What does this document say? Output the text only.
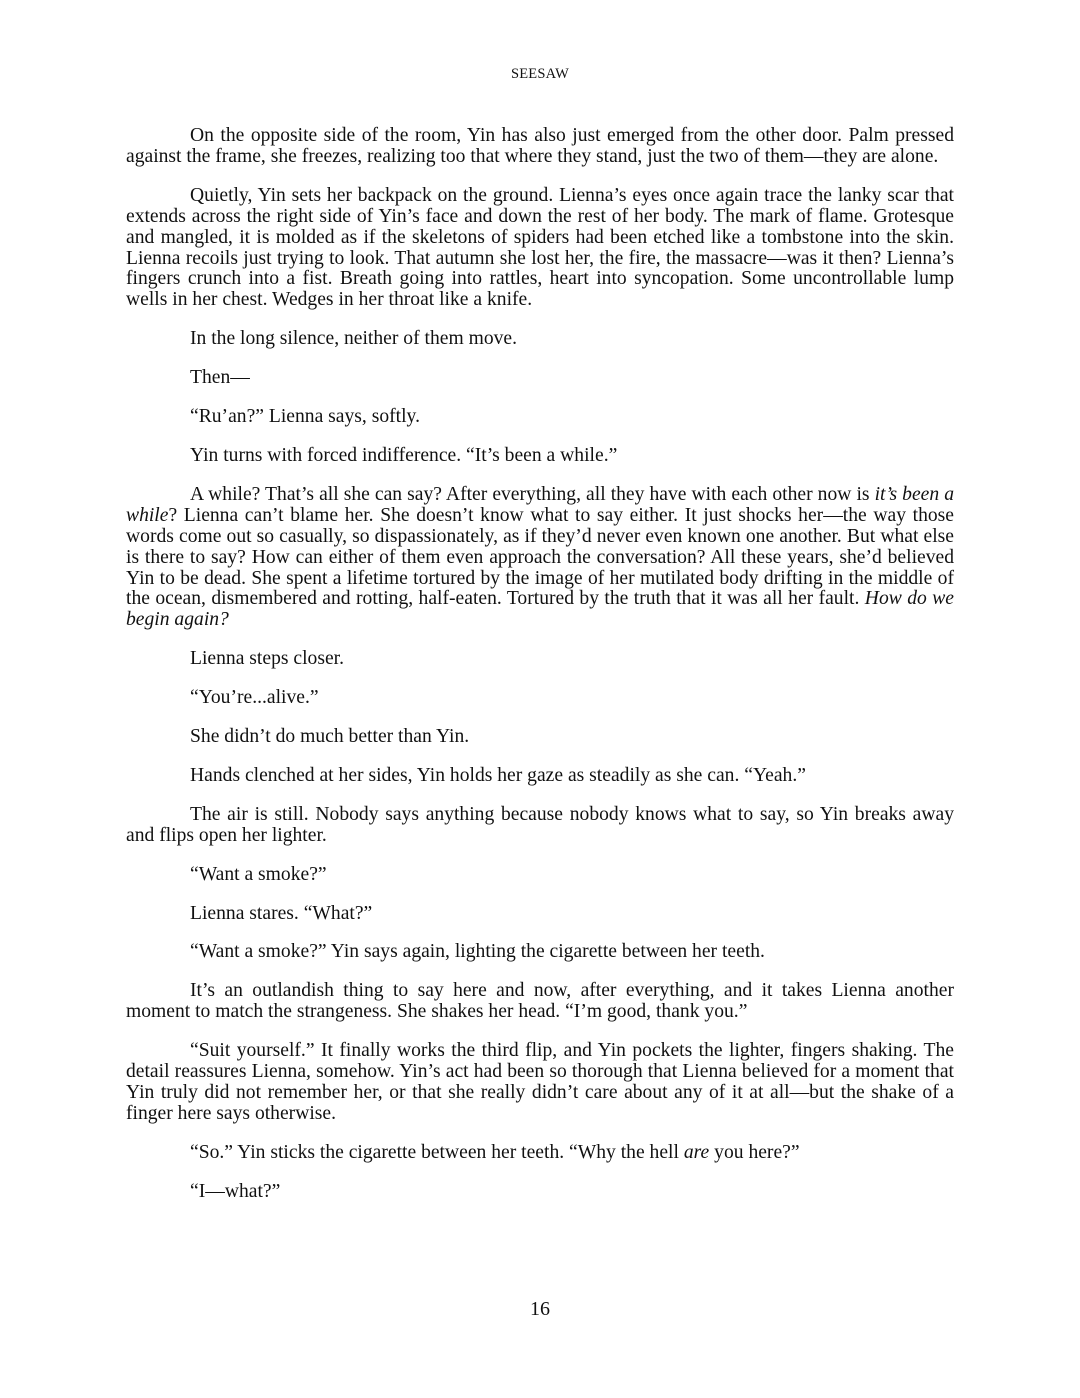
SEESAW

On the opposite side of the room, Yin has also just emerged from the other door. Palm pressed against the frame, she freezes, realizing too that where they stand, just the two of them—they are alone.

Quietly, Yin sets her backpack on the ground. Lienna’s eyes once again trace the lanky scar that extends across the right side of Yin’s face and down the rest of her body. The mark of flame. Grotesque and mangled, it is molded as if the skeletons of spiders had been etched like a tombstone into the skin. Lienna recoils just trying to look. That autumn she lost her, the fire, the massacre—was it then? Lienna’s fingers crunch into a fist. Breath going into rattles, heart into syncopation. Some uncontrollable lump wells in her chest. Wedges in her throat like a knife.

In the long silence, neither of them move.

Then—

“Ru’an?” Lienna says, softly.

Yin turns with forced indifference. “It’s been a while.”

A while? That’s all she can say? After everything, all they have with each other now is it’s been a while? Lienna can’t blame her. She doesn’t know what to say either. It just shocks her—the way those words come out so casually, so dispassionately, as if they’d never even known one another. But what else is there to say? How can either of them even approach the conversation? All these years, she’d believed Yin to be dead. She spent a lifetime tortured by the image of her mutilated body drifting in the middle of the ocean, dismembered and rotting, half-eaten. Tortured by the truth that it was all her fault. How do we begin again?

Lienna steps closer.

“You’re...alive.”

She didn’t do much better than Yin.

Hands clenched at her sides, Yin holds her gaze as steadily as she can. “Yeah.”

The air is still. Nobody says anything because nobody knows what to say, so Yin breaks away and flips open her lighter.

“Want a smoke?”

Lienna stares. “What?”

“Want a smoke?” Yin says again, lighting the cigarette between her teeth.

It’s an outlandish thing to say here and now, after everything, and it takes Lienna another moment to match the strangeness. She shakes her head. “I’m good, thank you.”

“Suit yourself.” It finally works the third flip, and Yin pockets the lighter, fingers shaking. The detail reassures Lienna, somehow. Yin’s act had been so thorough that Lienna believed for a moment that Yin truly did not remember her, or that she really didn’t care about any of it at all—but the shake of a finger here says otherwise.

“So.” Yin sticks the cigarette between her teeth. “Why the hell are you here?”

“I—what?”

16
